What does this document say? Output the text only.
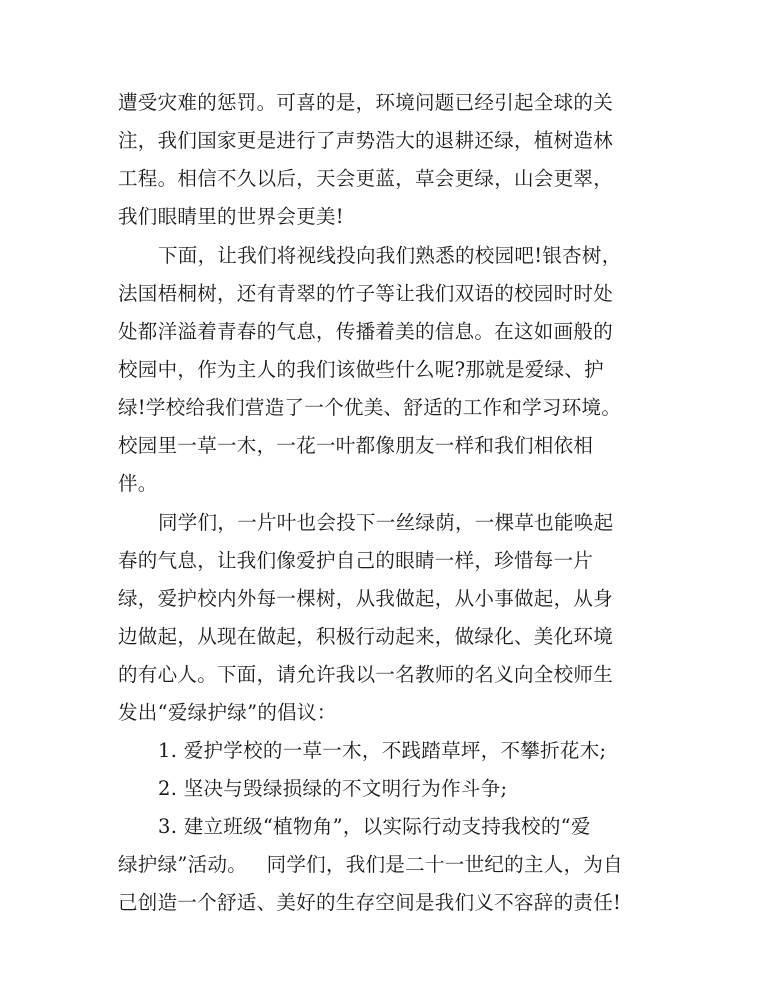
遭受灾难的惩罚。可喜的是，环境问题已经引起全球的关
注，我们国家更是进行了声势浩大的退耕还绿，植树造林
工程。相信不久以后，天会更蓝，草会更绿，山会更翠，
我们眼睛里的世界会更美!
下面，让我们将视线投向我们熟悉的校园吧!银杏树，
法国梧桐树，还有青翠的竹子等让我们双语的校园时时处
处都洋溢着青春的气息，传播着美的信息。在这如画般的
校园中，作为主人的我们该做些什么呢?那就是爱绿、护
绿!学校给我们营造了一个优美、舒适的工作和学习环境。
校园里一草一木，一花一叶都像朋友一样和我们相依相
伴。
同学们，一片叶也会投下一丝绿荫，一棵草也能唤起
春的气息，让我们像爱护自己的眼睛一样，珍惜每一片
绿，爱护校内外每一棵树，从我做起，从小事做起，从身
边做起，从现在做起，积极行动起来，做绿化、美化环境
的有心人。下面，请允许我以一名教师的名义向全校师生
发出“爱绿护绿”的倡议：
1. 爱护学校的一草一木，不践踏草坪，不攀折花木;
2. 坚决与毁绿损绿的不文明行为作斗争;
3. 建立班级“植物角”，以实际行动支持我校的“爱
绿护绿”活动。   同学们，我们是二十一世纪的主人，为自
己创造一个舒适、美好的生存空间是我们义不容辞的责任!
